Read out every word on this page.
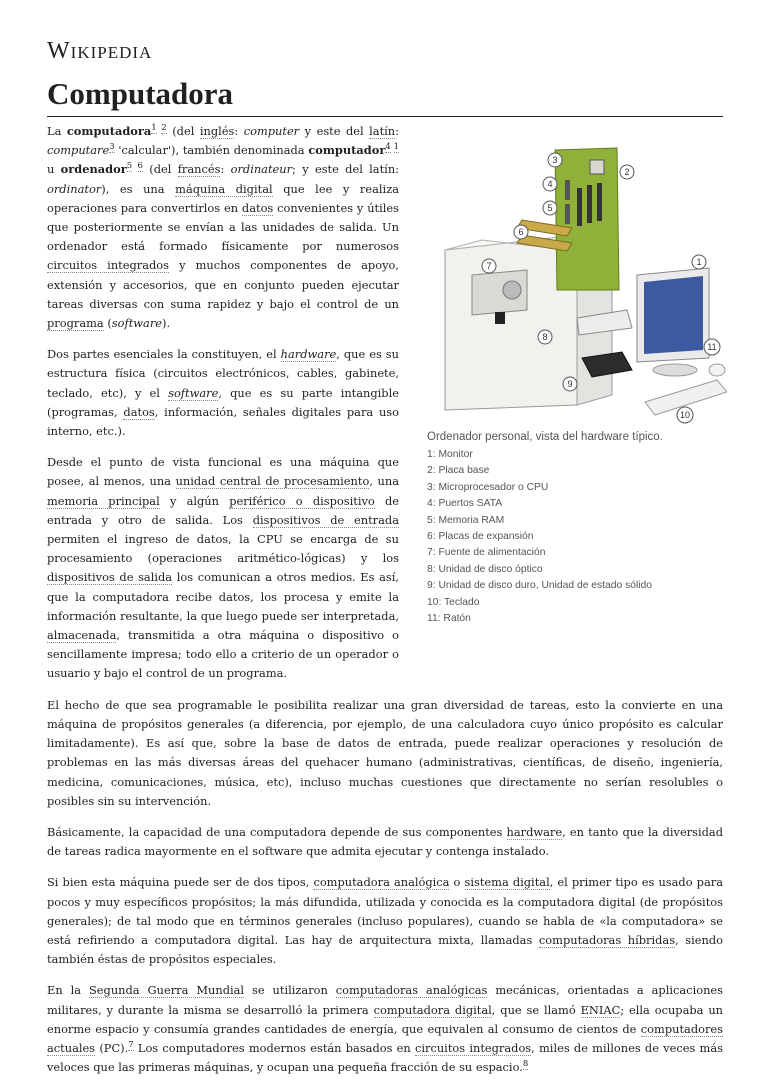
Wikipedia
Computadora
1
2
3
4
5
6
7
8
9
10
11
Ordenador personal, vista del hardware típico.
1: Monitor
2: Placa base
3: Microprocesador o CPU
4: Puertos SATA
5: Memoria RAM
6: Placas de expansión
7: Fuente de alimentación
8: Unidad de disco óptico
9: Unidad de disco duro, Unidad de estado sólido
10: Teclado
11: Ratón

La computadora$^{1 2}$ (del inglés: computer y este del latín: computare$^3$ 'calcular'), también denominada computador$^{4 1}$ u ordenador$^{5 6}$ (del francés: ordinateur; y este del latín: ordinator), es una máquina digital que lee y realiza operaciones para convertirlos en datos convenientes y útiles que posteriormente se envían a las unidades de salida. Un ordenador está formado físicamente por numerosos circuitos integrados y muchos componentes de apoyo, extensión y accesorios, que en conjunto pueden ejecutar tareas diversas con suma rapidez y bajo el control de un programa (software).

Dos partes esenciales la constituyen, el hardware, que es su estructura física (circuitos electrónicos, cables, gabinete, teclado, etc), y el software, que es su parte intangible (programas, datos, información, señales digitales para uso interno, etc.).

Desde el punto de vista funcional es una máquina que posee, al menos, una unidad central de procesamiento, una memoria principal y algún periférico o dispositivo de entrada y otro de salida. Los dispositivos de entrada permiten el ingreso de datos, la CPU se encarga de su procesamiento (operaciones aritmético-lógicas) y los dispositivos de salida los comunican a otros medios. Es así, que la computadora recibe datos, los procesa y emite la información resultante, la que luego puede ser interpretada, almacenada, transmitida a otra máquina o dispositivo o sencillamente impresa; todo ello a criterio de un operador o usuario y bajo el control de un programa.

El hecho de que sea programable le posibilita realizar una gran diversidad de tareas, esto la convierte en una máquina de propósitos generales (a diferencia, por ejemplo, de una calculadora cuyo único propósito es calcular limitadamente). Es así que, sobre la base de datos de entrada, puede realizar operaciones y resolución de problemas en las más diversas áreas del quehacer humano (administrativas, científicas, de diseño, ingeniería, medicina, comunicaciones, música, etc), incluso muchas cuestiones que directamente no serían resolubles o posibles sin su intervención.

Básicamente, la capacidad de una computadora depende de sus componentes hardware, en tanto que la diversidad de tareas radica mayormente en el software que admita ejecutar y contenga instalado.

Si bien esta máquina puede ser de dos tipos, computadora analógica o sistema digital, el primer tipo es usado para pocos y muy específicos propósitos; la más difundida, utilizada y conocida es la computadora digital (de propósitos generales); de tal modo que en términos generales (incluso populares), cuando se habla de «la computadora» se está refiriendo a computadora digital. Las hay de arquitectura mixta, llamadas computadoras híbridas, siendo también éstas de propósitos especiales.

En la Segunda Guerra Mundial se utilizaron computadoras analógicas mecánicas, orientadas a aplicaciones militares, y durante la misma se desarrolló la primera computadora digital, que se llamó ENIAC; ella ocupaba un enorme espacio y consumía grandes cantidades de energía, que equivalen al consumo de cientos de computadores actuales (PC).$^7$ Los computadores modernos están basados en circuitos integrados, miles de millones de veces más veloces que las primeras máquinas, y ocupan una pequeña fracción de su espacio.$^8$
